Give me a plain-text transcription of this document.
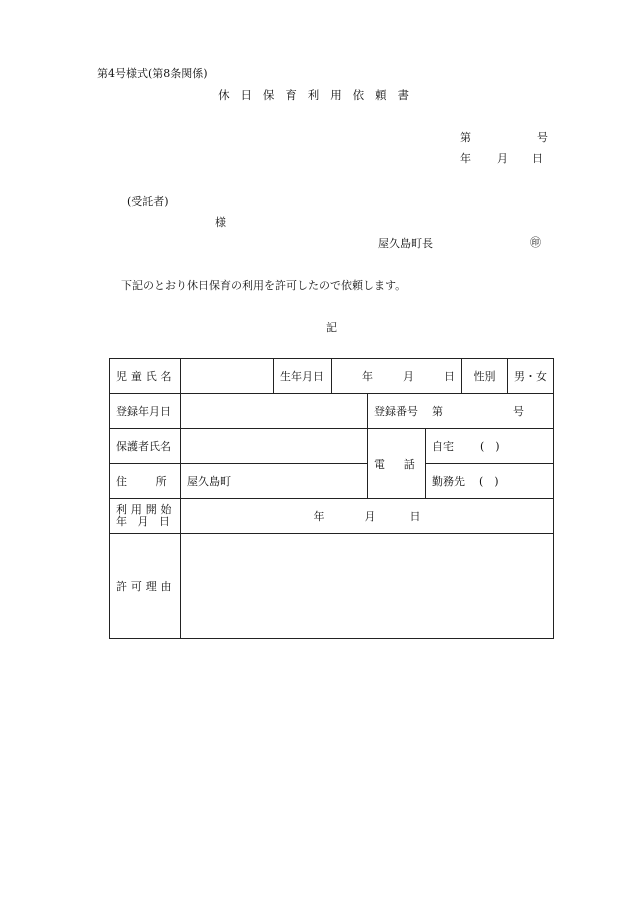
第4号様式(第8条関係)
休日保育利用依頼書
第	号
年 月 日
(受託者)
様
屋久島町長	㊞
下記のとおり休日保育の利用を許可したので依頼します。
記
児童氏名		生年月日	年 月 日			性別	男・女
登録年月日				登録番号 第 号			
保護者氏名				電話	自宅 (　)		
住所	屋久島町				勤務先 (　)		

利用開始
年月日	年 月 日						
許可理由							
